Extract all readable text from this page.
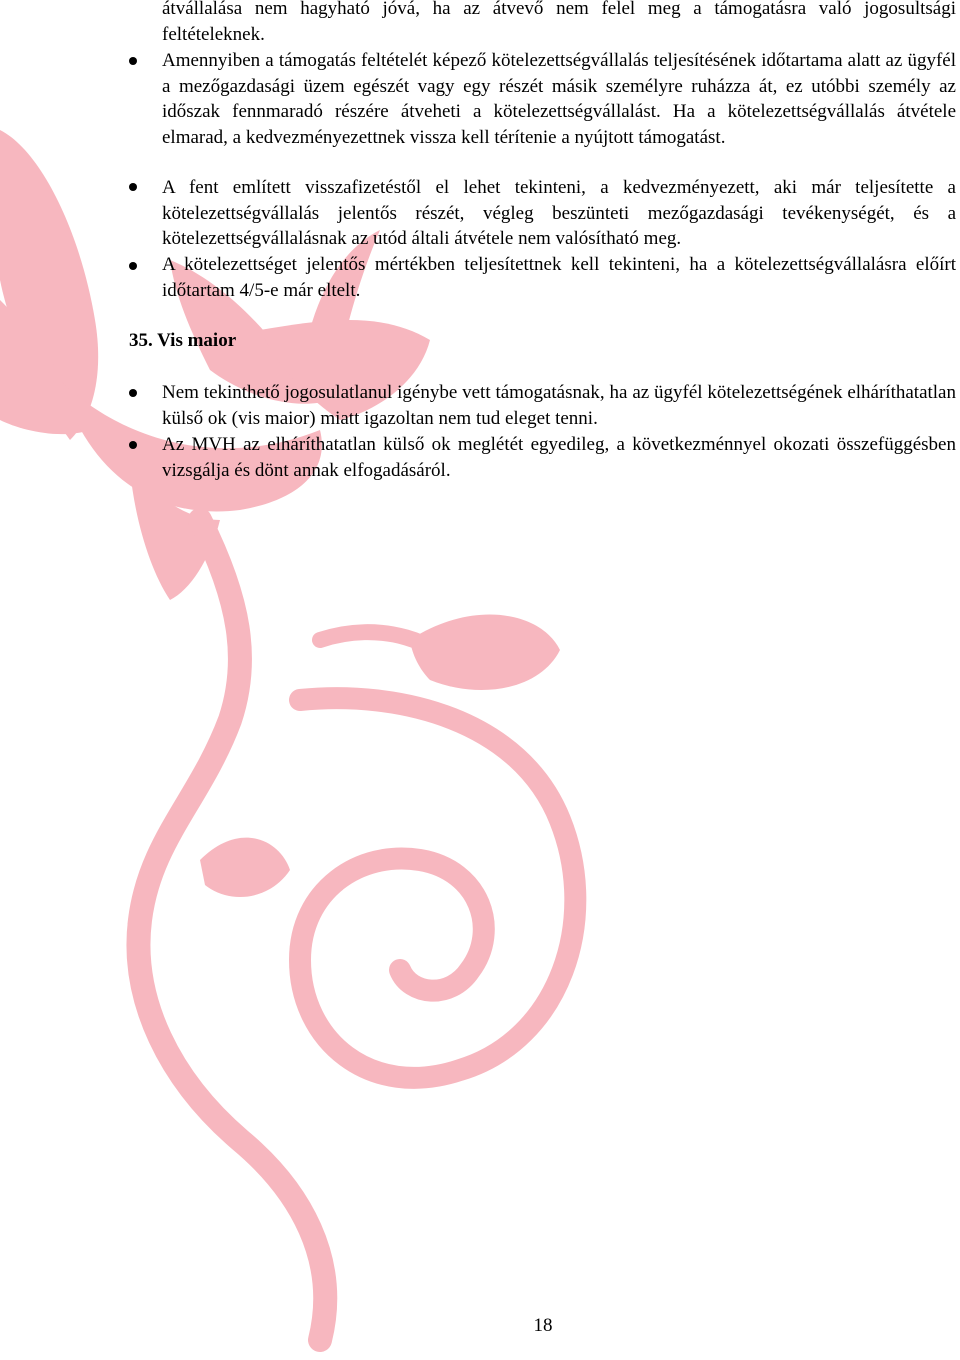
átvállalása nem hagyható jóvá, ha az átvevő nem felel meg a támogatásra való jogosultsági feltételeknek.
Amennyiben a támogatás feltételét képező kötelezettségvállalás teljesítésének időtartama alatt az ügyfél a mezőgazdasági üzem egészét vagy egy részét másik személyre ruházza át, ez utóbbi személy az időszak fennmaradó részére átveheti a kötelezettségvállalást. Ha a kötelezettségvállalás átvétele elmarad, a kedvezményezettnek vissza kell térítenie a nyújtott támogatást.
A fent említett visszafizetéstől el lehet tekinteni, a kedvezményezett, aki már teljesítette a kötelezettségvállalás jelentős részét, végleg beszünteti mezőgazdasági tevékenységét, és a kötelezettségvállalásnak az utód általi átvétele nem valósítható meg.
A kötelezettséget jelentős mértékben teljesítettnek kell tekinteni, ha a kötelezettségvállalásra előírt időtartam 4/5-e már eltelt.
35. Vis maior
Nem tekinthető jogosulatlanul igénybe vett támogatásnak, ha az ügyfél kötelezettségének elháríthatatlan külső ok (vis maior) miatt igazoltan nem tud eleget tenni.
Az MVH az elháríthatatlan külső ok meglétét egyedileg, a következménnyel okozati összefüggésben vizsgálja és dönt annak elfogadásáról.
18
